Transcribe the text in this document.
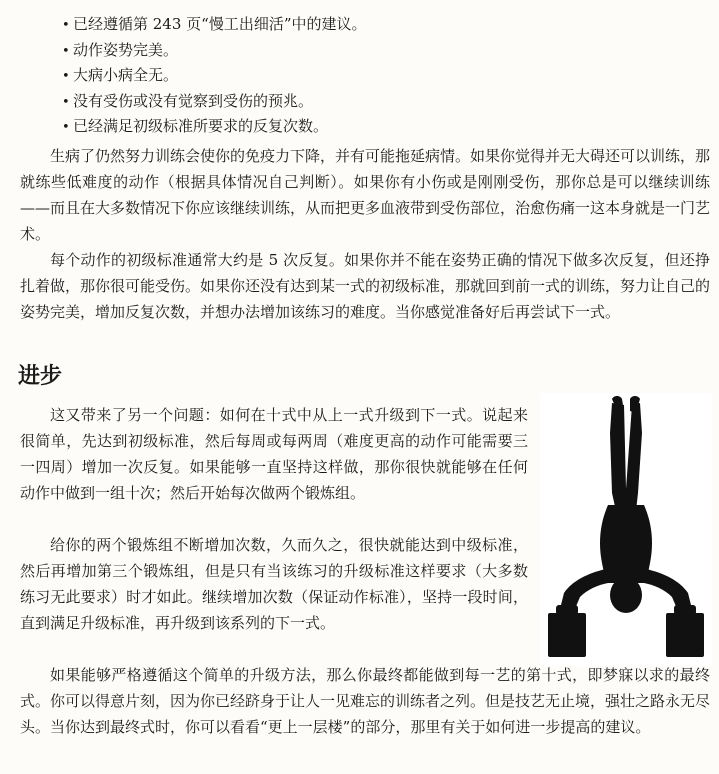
• 已经遵循第 243 页“慢工出细活”中的建议。
• 动作姿势完美。
• 大病小病全无。
• 没有受伤或没有觉察到受伤的预兆。
• 已经满足初级标准所要求的反复次数。

生病了仍然努力训练会使你的免疫力下降，并有可能拖延病情。如果你觉得并无大碍还可以训练，那就练些低难度的动作（根据具体情况自己判断）。如果你有小伤或是刚刚受伤，那你总是可以继续训练——而且在大多数情况下你应该继续训练，从而把更多血液带到受伤部位，治愈伤痛一这本身就是一门艺术。

每个动作的初级标准通常大约是 5 次反复。如果你并不能在姿势正确的情况下做多次反复，但还挣扎着做，那你很可能受伤。如果你还没有达到某一式的初级标准，那就回到前一式的训练，努力让自己的姿势完美，增加反复次数，并想办法增加该练习的难度。当你感觉准备好后再尝试下一式。

进步

这又带来了另一个问题：如何在十式中从上一式升级到下一式。说起来很简单，先达到初级标准，然后每周或每两周（难度更高的动作可能需要三一四周）增加一次反复。如果能够一直坚持这样做，那你很快就能够在任何动作中做到一组十次；然后开始每次做两个锻炼组。

给你的两个锻炼组不断增加次数，久而久之，很快就能达到中级标准，然后再增加第三个锻炼组，但是只有当该练习的升级标准这样要求（大多数练习无此要求）时才如此。继续增加次数（保证动作标准），坚持一段时间，直到满足升级标准，再升级到该系列的下一式。

如果能够严格遵循这个简单的升级方法，那么你最终都能做到每一艺的第十式，即梦寐以求的最终式。你可以得意片刻，因为你已经跻身于让人一见难忘的训练者之列。但是技艺无止境，强壮之路永无尽头。当你达到最终式时，你可以看看“更上一层楼”的部分，那里有关于如何进一步提高的建议。
